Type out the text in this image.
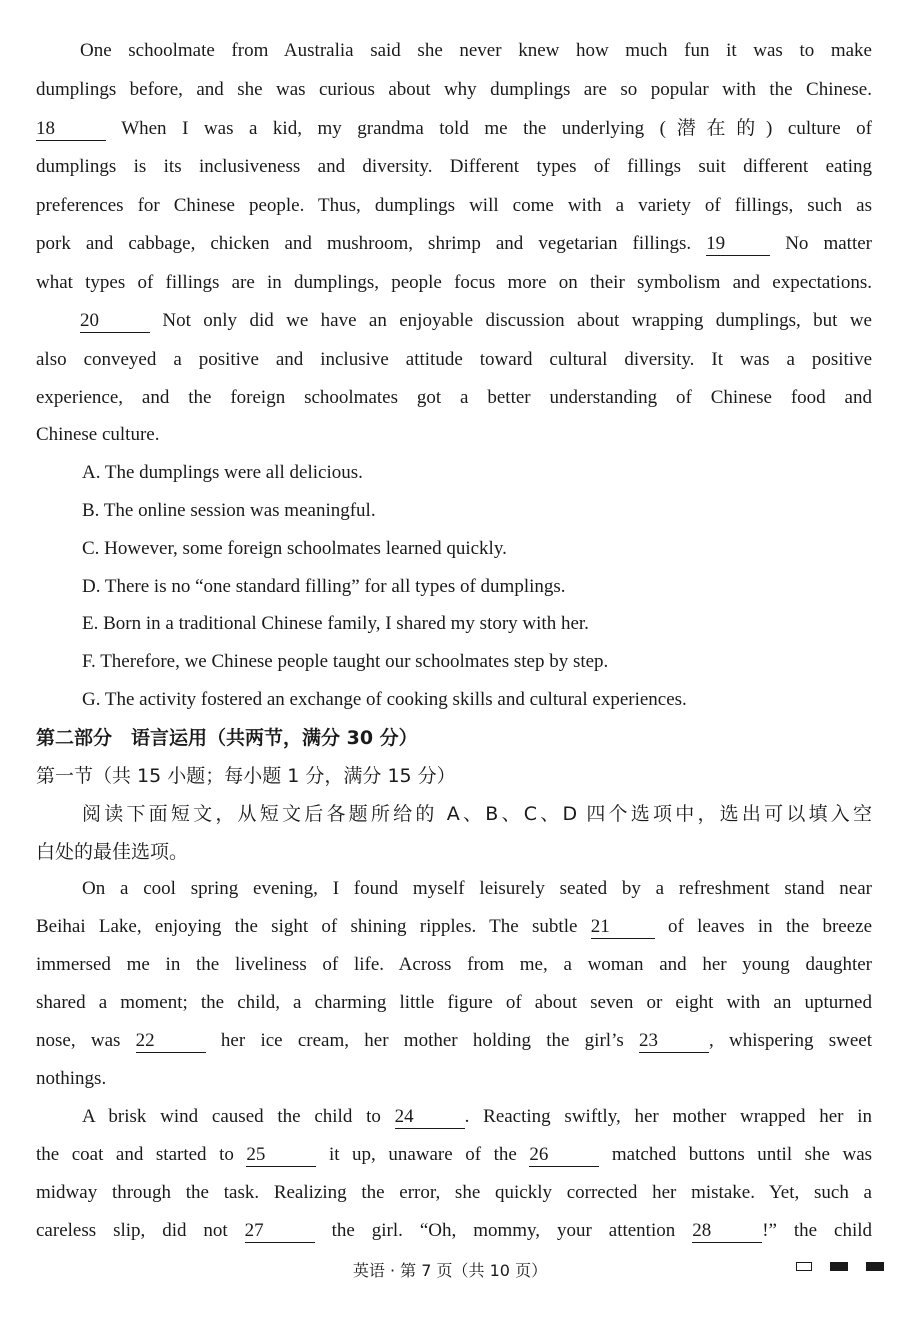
One schoolmate from Australia said she never knew how much fun it was to make
dumplings before, and she was curious about why dumplings are so popular with the Chinese.
18	When I was a kid, my grandma told me the underlying (潜在的) culture of
dumplings is its inclusiveness and diversity. Different types of fillings suit different eating
preferences for Chinese people. Thus, dumplings will come with a variety of fillings, such as
pork and cabbage, chicken and mushroom, shrimp and vegetarian fillings. 19	No matter
what types of fillings are in dumplings, people focus more on their symbolism and expectations.
20	Not only did we have an enjoyable discussion about wrapping dumplings, but we
also conveyed a positive and inclusive attitude toward cultural diversity. It was a positive
experience, and the foreign schoolmates got a better understanding of Chinese food and
Chinese culture.
A. The dumplings were all delicious.
B. The online session was meaningful.
C. However, some foreign schoolmates learned quickly.
D. There is no “one standard filling” for all types of dumplings.
E. Born in a traditional Chinese family, I shared my story with her.
F. Therefore, we Chinese people taught our schoolmates step by step.
G. The activity fostered an exchange of cooking skills and cultural experiences.
第二部分　语言运用（共两节，满分 30 分）
第一节（共 15 小题；每小题 1 分，满分 15 分）
阅读下面短文，从短文后各题所给的 A、B、C、D 四个选项中，选出可以填入空
白处的最佳选项。
On a cool spring evening, I found myself leisurely seated by a refreshment stand near
Beihai Lake, enjoying the sight of shining ripples. The subtle 21	of leaves in the breeze
immersed me in the liveliness of life. Across from me, a woman and her young daughter
shared a moment; the child, a charming little figure of about seven or eight with an upturned
nose, was 22	her ice cream, her mother holding the girl’s 23	, whispering sweet
nothings.
A brisk wind caused the child to 24	. Reacting swiftly, her mother wrapped her in
the coat and started to 25	it up, unaware of the 26	matched buttons until she was
midway through the task. Realizing the error, she quickly corrected her mistake. Yet, such a
careless slip, did not 27	the girl. “Oh, mommy, your attention 28	!” the child
英语 · 第 7 页（共 10 页）
